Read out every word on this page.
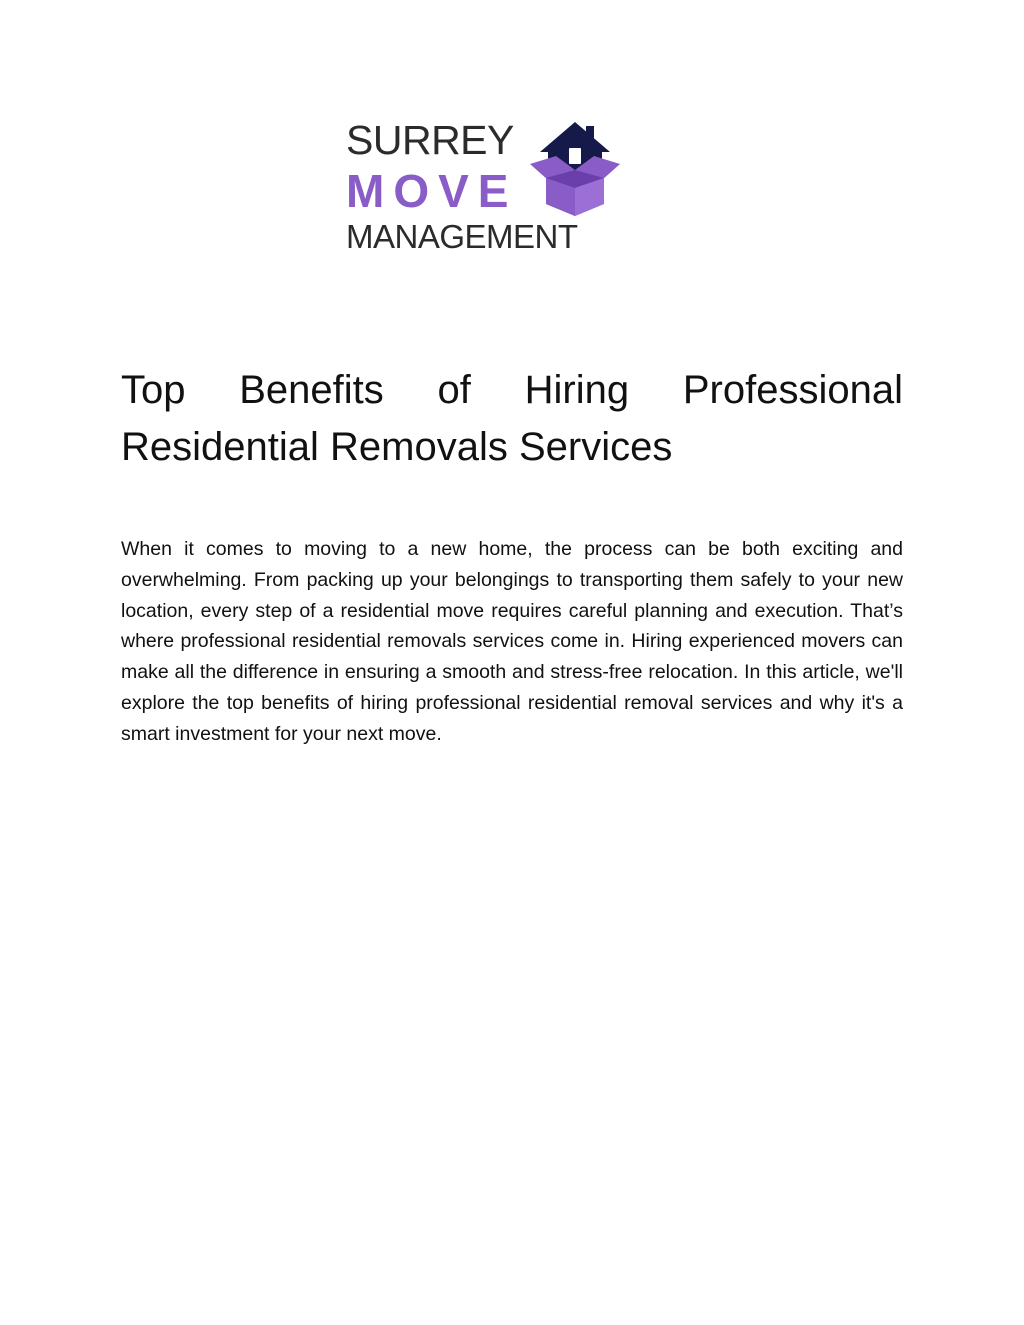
SURREY
MOVE
MANAGEMENT
Top Benefits of Hiring Professional
Residential Removals Services

When it comes to moving to a new home, the process can be both exciting and overwhelming. From packing up your belongings to transporting them safely to your new location, every step of a residential move requires careful planning and execution. That’s where professional residential removals services come in. Hiring experienced movers can make all the difference in ensuring a smooth and stress-free relocation. In this article, we'll explore the top benefits of hiring professional residential removal services and why it's a smart investment for your next move.
